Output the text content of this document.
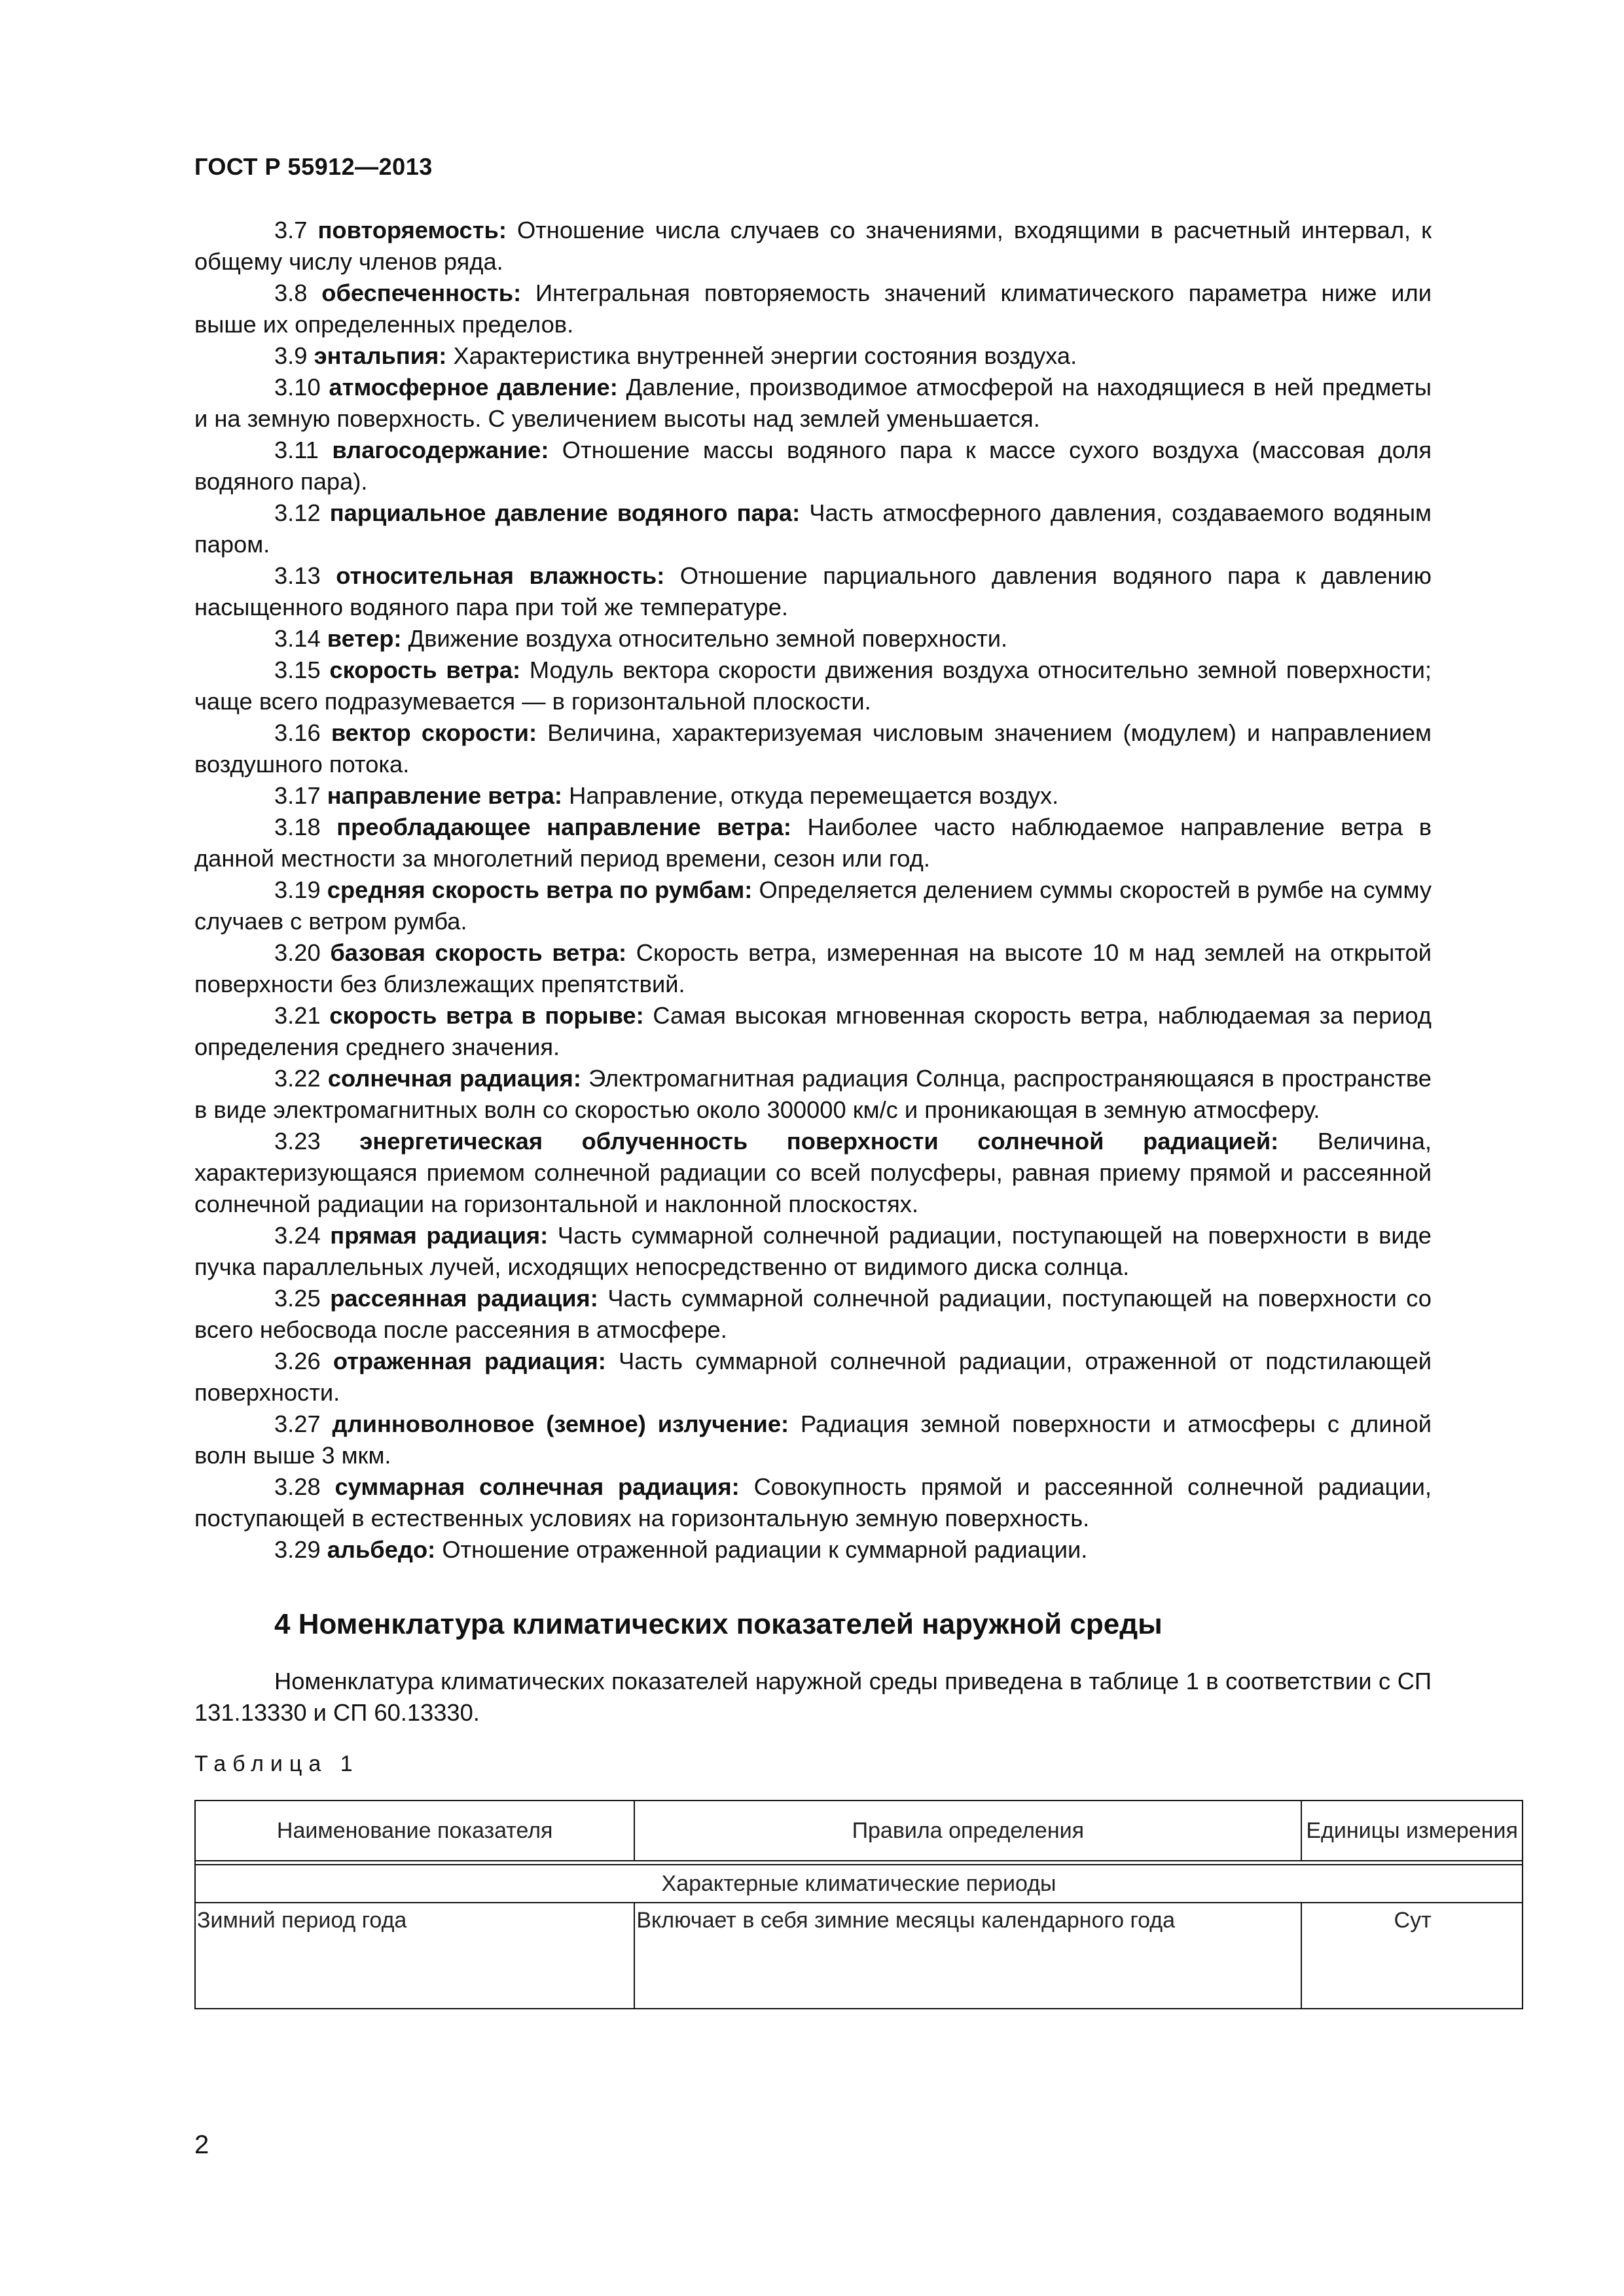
ГОСТ Р 55912—2013

3.7 повторяемость: Отношение числа случаев со значениями, входящими в расчетный интервал, к общему числу членов ряда.

3.8 обеспеченность: Интегральная повторяемость значений климатического параметра ниже или выше их определенных пределов.

3.9 энтальпия: Характеристика внутренней энергии состояния воздуха.

3.10 атмосферное давление: Давление, производимое атмосферой на находящиеся в ней предметы и на земную поверхность. С увеличением высоты над землей уменьшается.

3.11 влагосодержание: Отношение массы водяного пара к массе сухого воздуха (массовая доля водяного пара).

3.12 парциальное давление водяного пара: Часть атмосферного давления, создаваемого водяным паром.

3.13 относительная влажность: Отношение парциального давления водяного пара к давлению насыщенного водяного пара при той же температуре.

3.14 ветер: Движение воздуха относительно земной поверхности.

3.15 скорость ветра: Модуль вектора скорости движения воздуха относительно земной поверхности; чаще всего подразумевается — в горизонтальной плоскости.

3.16 вектор скорости: Величина, характеризуемая числовым значением (модулем) и направлением воздушного потока.

3.17 направление ветра: Направление, откуда перемещается воздух.

3.18 преобладающее направление ветра: Наиболее часто наблюдаемое направление ветра в данной местности за многолетний период времени, сезон или год.

3.19 средняя скорость ветра по румбам: Определяется делением суммы скоростей в румбе на сумму случаев с ветром румба.

3.20 базовая скорость ветра: Скорость ветра, измеренная на высоте 10 м над землей на открытой поверхности без близлежащих препятствий.

3.21 скорость ветра в порыве: Самая высокая мгновенная скорость ветра, наблюдаемая за период определения среднего значения.

3.22 солнечная радиация: Электромагнитная радиация Солнца, распространяющаяся в пространстве в виде электромагнитных волн со скоростью около 300000 км/с и проникающая в земную атмосферу.

3.23 энергетическая облученность поверхности солнечной радиацией: Величина, характеризующаяся приемом солнечной радиации со всей полусферы, равная приему прямой и рассеянной солнечной радиации на горизонтальной и наклонной плоскостях.

3.24 прямая радиация: Часть суммарной солнечной радиации, поступающей на поверхности в виде пучка параллельных лучей, исходящих непосредственно от видимого диска солнца.

3.25 рассеянная радиация: Часть суммарной солнечной радиации, поступающей на поверхности со всего небосвода после рассеяния в атмосфере.

3.26 отраженная радиация: Часть суммарной солнечной радиации, отраженной от подстилающей поверхности.

3.27 длинноволновое (земное) излучение: Радиация земной поверхности и атмосферы с длиной волн выше 3 мкм.

3.28 суммарная солнечная радиация: Совокупность прямой и рассеянной солнечной радиации, поступающей в естественных условиях на горизонтальную земную поверхность.

3.29 альбедо: Отношение отраженной радиации к суммарной радиации.

4 Номенклатура климатических показателей наружной среды

Номенклатура климатических показателей наружной среды приведена в таблице 1 в соответствии с СП 131.13330 и СП 60.13330.

Таблица 1
Наименование показателя	Правила определения	Единицы измерения

Характерные климатические периоды		
Зимний период года	Включает в себя зимние месяцы календарного года	Сут
2
